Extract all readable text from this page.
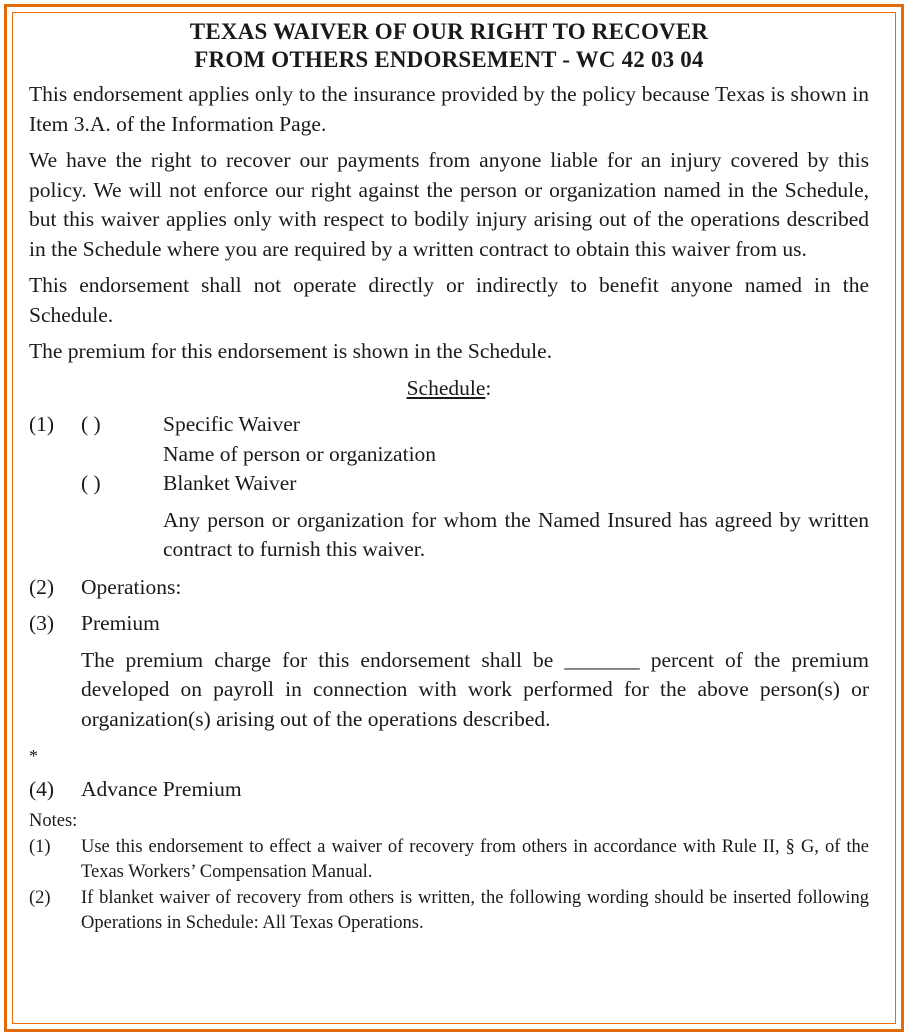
TEXAS WAIVER OF OUR RIGHT TO RECOVER
FROM OTHERS ENDORSEMENT - WC 42 03 04

This endorsement applies only to the insurance provided by the policy because Texas is shown in Item 3.A. of the Information Page.

We have the right to recover our payments from anyone liable for an injury covered by this policy. We will not enforce our right against the person or organization named in the Schedule, but this waiver applies only with respect to bodily injury arising out of the operations described in the Schedule where you are required by a written contract to obtain this waiver from us.

This endorsement shall not operate directly or indirectly to benefit anyone named in the Schedule.

The premium for this endorsement is shown in the Schedule.

Schedule:
(1) ( )	Specific Waiver
Name of person or organization
( )	Blanket Waiver

Any person or organization for whom the Named Insured has agreed by written contract to furnish this waiver.

(2)	Operations:
(3)	Premium

The premium charge for this endorsement shall be _______ percent of the premium developed on payroll in connection with work performed for the above person(s) or organization(s) arising out of the operations described.

*
(4)	Advance Premium

Notes:

(1)	Use this endorsement to effect a waiver of recovery from others in accordance with Rule II, § G, of the Texas Workers’ Compensation Manual.
(2)	If blanket waiver of recovery from others is written, the following wording should be inserted following Operations in Schedule: All Texas Operations.
